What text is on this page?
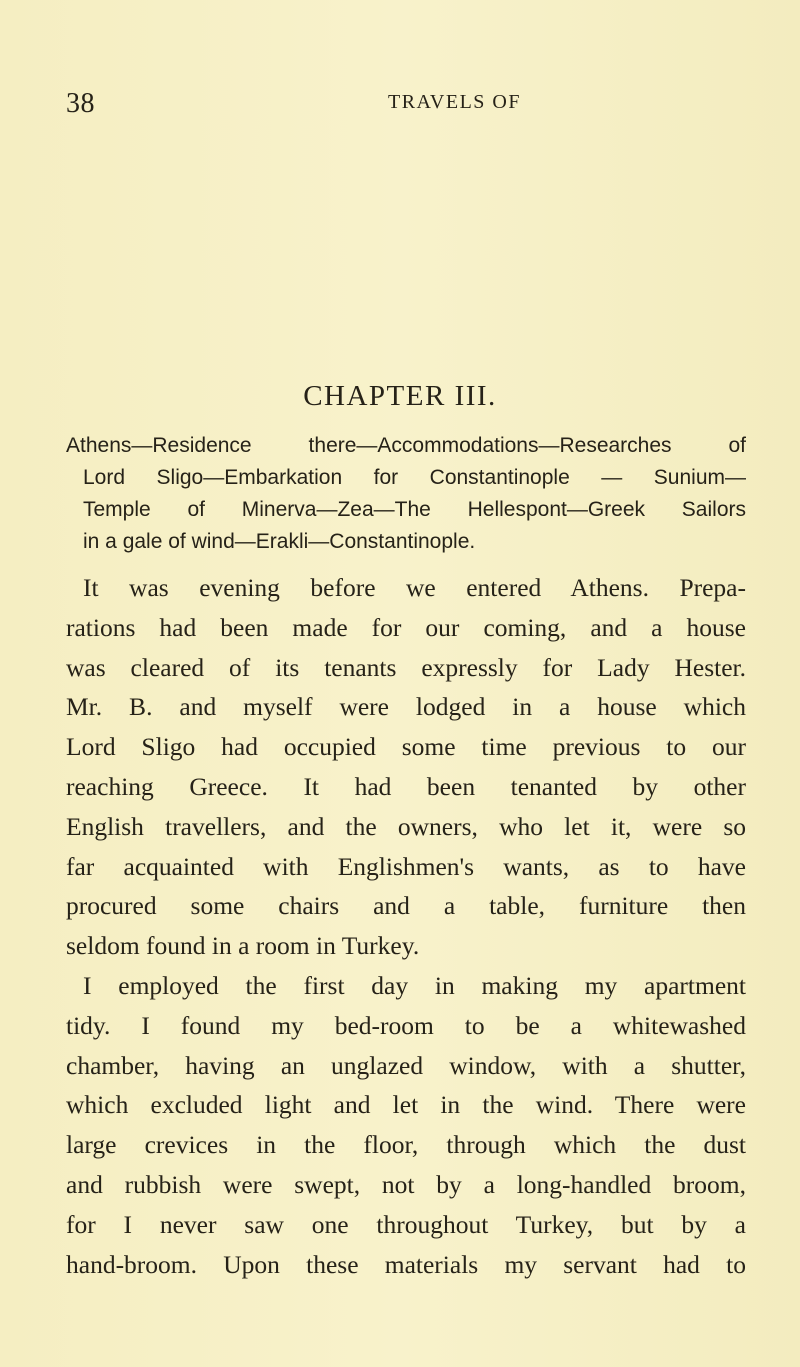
38	TRAVELS OF
CHAPTER III.
Athens—Residence there—Accommodations—Researches of
Lord Sligo—Embarkation for Constantinople — Sunium—
Temple of Minerva—Zea—The Hellespont—Greek Sailors
in a gale of wind—Erakli—Constantinople.
It was evening before we entered Athens. Prepa-
rations had been made for our coming, and a house
was cleared of its tenants expressly for Lady Hester.
Mr. B. and myself were lodged in a house which
Lord Sligo had occupied some time previous to our
reaching Greece. It had been tenanted by other
English travellers, and the owners, who let it, were so
far acquainted with Englishmen's wants, as to have
procured some chairs and a table, furniture then
seldom found in a room in Turkey.
I employed the first day in making my apartment
tidy. I found my bed-room to be a whitewashed
chamber, having an unglazed window, with a shutter,
which excluded light and let in the wind. There were
large crevices in the floor, through which the dust
and rubbish were swept, not by a long-handled broom,
for I never saw one throughout Turkey, but by a
hand-broom. Upon these materials my servant had to
